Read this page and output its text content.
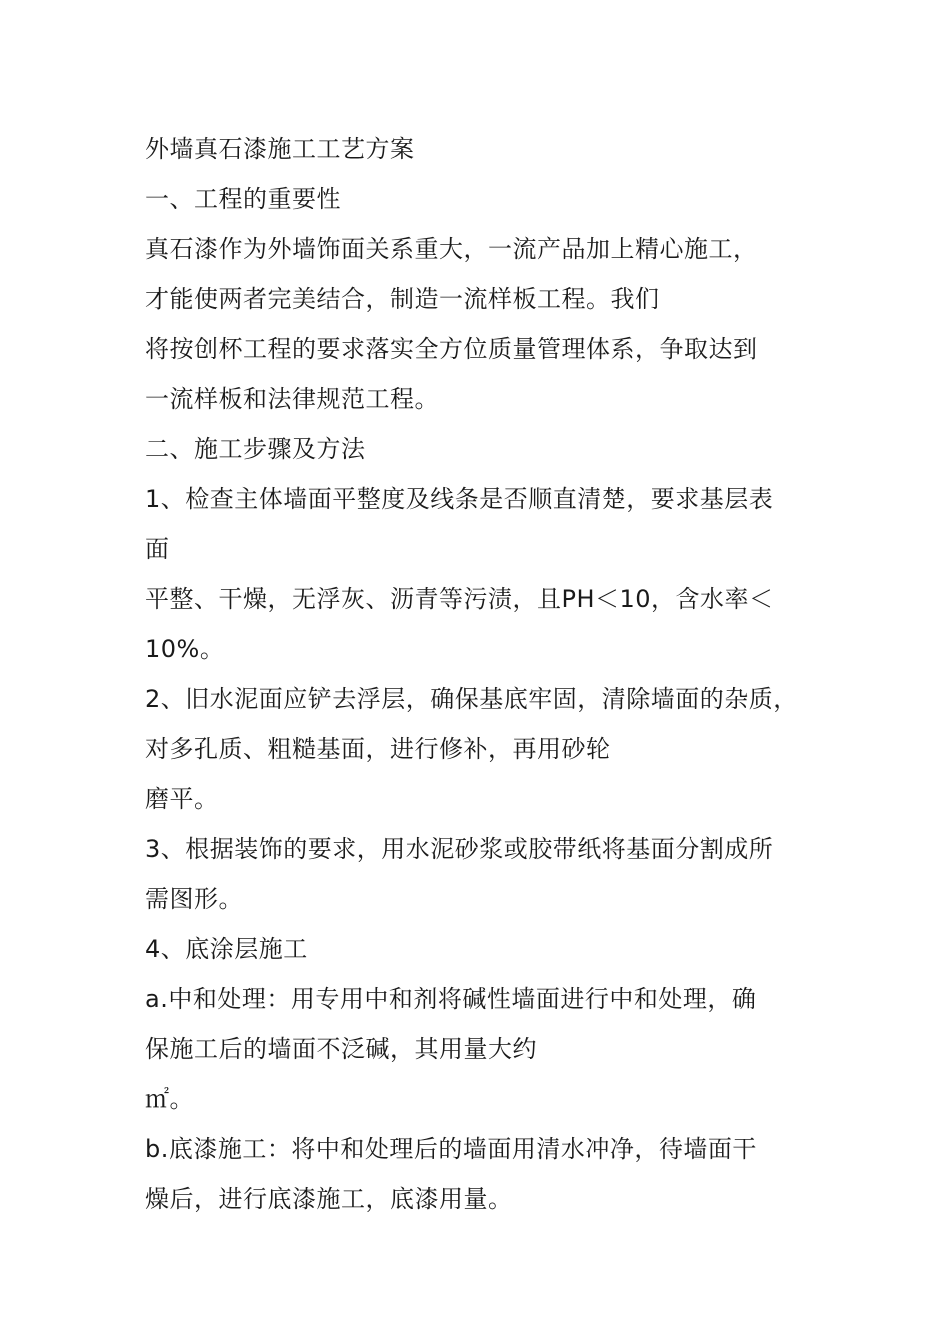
外墙真石漆施工工艺方案
一、工程的重要性
真石漆作为外墙饰面关系重大，一流产品加上精心施工，
才能使两者完美结合，制造一流样板工程。我们
将按创杯工程的要求落实全方位质量管理体系，争取达到
一流样板和法律规范工程。
二、施工步骤及方法
1、检查主体墙面平整度及线条是否顺直清楚，要求基层表
面
平整、干燥，无浮灰、沥青等污渍，且PH＜10，含水率＜
10%。
2、旧水泥面应铲去浮层，确保基底牢固，清除墙面的杂质，
对多孔质、粗糙基面，进行修补，再用砂轮
磨平。
3、根据装饰的要求，用水泥砂浆或胶带纸将基面分割成所
需图形。
4、底涂层施工
a.中和处理：用专用中和剂将碱性墙面进行中和处理，确
保施工后的墙面不泛碱，其用量大约
㎡。
b.底漆施工：将中和处理后的墙面用清水冲净，待墙面干
燥后，进行底漆施工，底漆用量。
